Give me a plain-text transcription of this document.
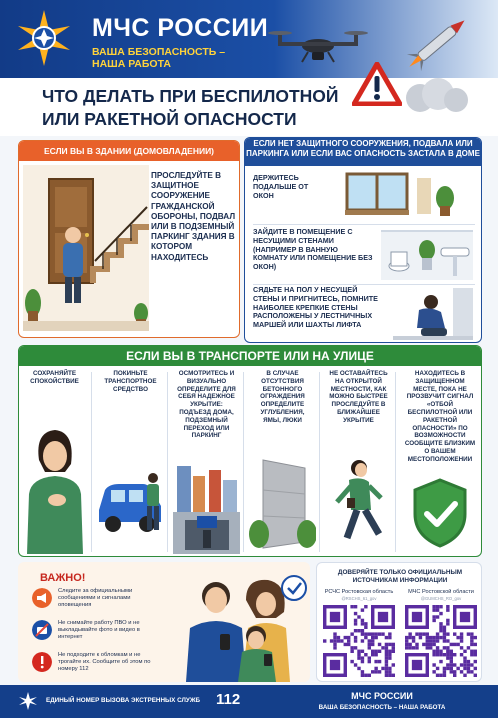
МЧС РОССИИ
ВАША БЕЗОПАСНОСТЬ – НАША РАБОТА
ЧТО ДЕЛАТЬ ПРИ БЕСПИЛОТНОЙ
ИЛИ РАКЕТНОЙ ОПАСНОСТИ
ЕСЛИ ВЫ В ЗДАНИИ (ДОМОВЛАДЕНИИ)
ПРОСЛЕДУЙТЕ В ЗАЩИТНОЕ СООРУЖЕНИЕ ГРАЖДАНСКОЙ ОБОРОНЫ, ПОДВАЛ ИЛИ В ПОДЗЕМНЫЙ ПАРКИНГ ЗДАНИЯ В КОТОРОМ НАХОДИТЕСЬ
ЕСЛИ НЕТ ЗАЩИТНОГО СООРУЖЕНИЯ, ПОДВАЛА ИЛИ ПАРКИНГА ИЛИ ЕСЛИ ВАС ОПАСНОСТЬ ЗАСТАЛА В ДОМЕ
ДЕРЖИТЕСЬ ПОДАЛЬШЕ ОТ ОКОН
ЗАЙДИТЕ В ПОМЕЩЕНИЕ С НЕСУЩИМИ СТЕНАМИ (НАПРИМЕР В ВАННУЮ КОМНАТУ ИЛИ ПОМЕЩЕНИЕ БЕЗ ОКОН)
СЯДЬТЕ НА ПОЛ У НЕСУЩЕЙ СТЕНЫ И ПРИГНИТЕСЬ, ПОМНИТЕ НАИБОЛЕЕ КРЕПКИЕ СТЕНЫ РАСПОЛОЖЕНЫ У ЛЕСТНИЧНЫХ МАРШЕЙ ИЛИ ШАХТЫ ЛИФТА
ЕСЛИ ВЫ В ТРАНСПОРТЕ ИЛИ НА УЛИЦЕ
СОХРАНЯЙТЕ СПОКОЙСТВИЕ
ПОКИНЬТЕ ТРАНСПОРТНОЕ СРЕДСТВО
ОСМОТРИТЕСЬ И ВИЗУАЛЬНО ОПРЕДЕЛИТЕ ДЛЯ СЕБЯ НАДЕЖНОЕ УКРЫТИЕ: ПОДЪЕЗД ДОМА, ПОДЗЕМНЫЙ ПЕРЕХОД ИЛИ ПАРКИНГ
В СЛУЧАЕ ОТСУТСТВИЯ БЕТОННОГО ОГРАЖДЕНИЯ ОПРЕДЕЛИТЕ УГЛУБЛЕНИЯ, ЯМЫ, ЛЮКИ
НЕ ОСТАВАЙТЕСЬ НА ОТКРЫТОЙ МЕСТНОСТИ, КАК МОЖНО БЫСТРЕЕ ПРОСЛЕДУЙТЕ В БЛИЖАЙШЕЕ УКРЫТИЕ
НАХОДИТЕСЬ В ЗАЩИЩЕННОМ МЕСТЕ, ПОКА НЕ ПРОЗВУЧИТ СИГНАЛ «ОТБОЙ БЕСПИЛОТНОЙ ИЛИ РАКЕТНОЙ ОПАСНОСТИ» ПО ВОЗМОЖНОСТИ СООБЩИТЕ БЛИЗКИМ О ВАШЕМ МЕСТОПОЛОЖЕНИИ
ВАЖНО!
Следите за официальными сообщениями и сигналами оповещения
Не снимайте работу ПВО и не выкладывайте фото и видео в интернет
Не подходите к обломкам и не трогайте их. Сообщите об этом по номеру 112
ДОВЕРЯЙТЕ ТОЛЬКО ОФИЦИАЛЬНЫМ ИСТОЧНИКАМ ИНФОРМАЦИИ
РСЧС Ростовская область
@RSCHS_61_gov
МЧС Ростовской области
@GUMCHS_RO_gov
ЕДИНЫЙ НОМЕР ВЫЗОВА ЭКСТРЕННЫХ СЛУЖБ 112	МЧС РОССИИ
ВАША БЕЗОПАСНОСТЬ – НАША РАБОТА
